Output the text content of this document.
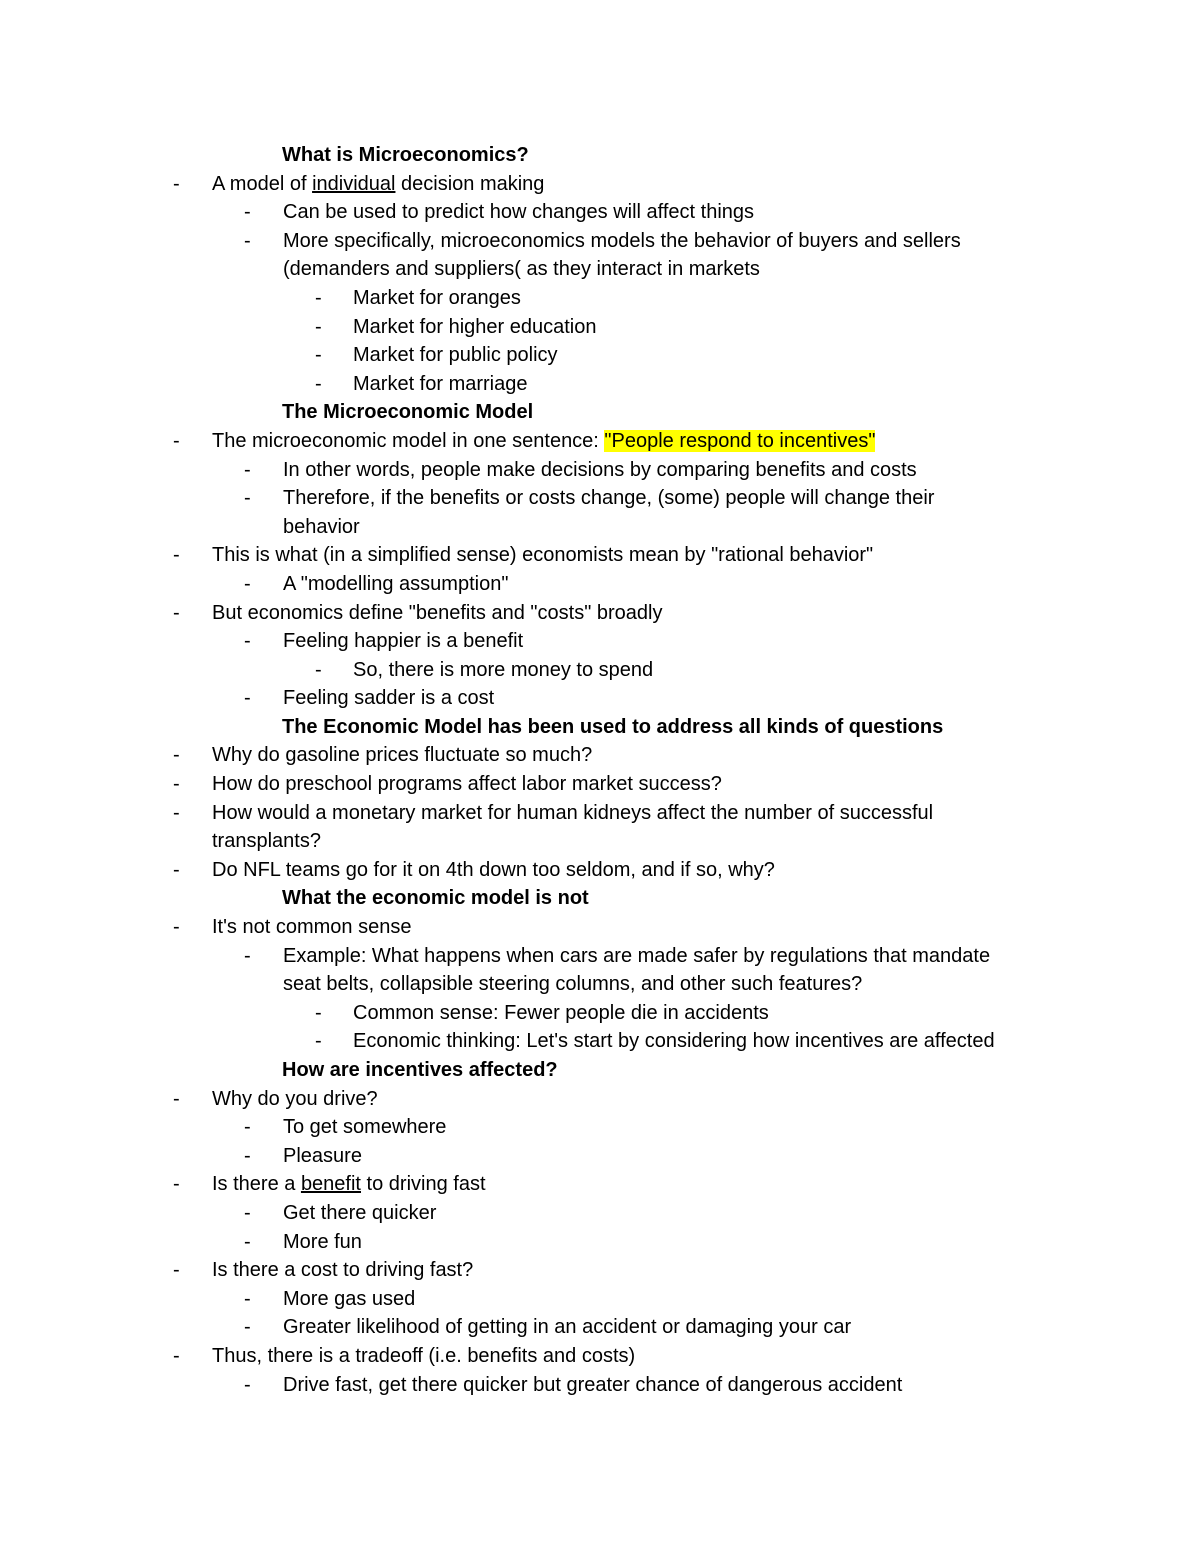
What is Microeconomics?
- A model of individual decision making
- Can be used to predict how changes will affect things
- More specifically, microeconomics models the behavior of buyers and sellers
(demanders and suppliers( as they interact in markets
- Market for oranges
- Market for higher education
- Market for public policy
- Market for marriage
The Microeconomic Model
- The microeconomic model in one sentence: "People respond to incentives"
- In other words, people make decisions by comparing benefits and costs
- Therefore, if the benefits or costs change, (some) people will change their
behavior
- This is what (in a simplified sense) economists mean by "rational behavior"
- A "modelling assumption"
- But economics define "benefits and "costs" broadly
- Feeling happier is a benefit
- So, there is more money to spend
- Feeling sadder is a cost
The Economic Model has been used to address all kinds of questions
- Why do gasoline prices fluctuate so much?
- How do preschool programs affect labor market success?
- How would a monetary market for human kidneys affect the number of successful
transplants?
- Do NFL teams go for it on 4th down too seldom, and if so, why?
What the economic model is not
- It's not common sense
- Example: What happens when cars are made safer by regulations that mandate
seat belts, collapsible steering columns, and other such features?
- Common sense: Fewer people die in accidents
- Economic thinking: Let's start by considering how incentives are affected
How are incentives affected?
- Why do you drive?
- To get somewhere
- Pleasure
- Is there a benefit to driving fast
- Get there quicker
- More fun
- Is there a cost to driving fast?
- More gas used
- Greater likelihood of getting in an accident or damaging your car
- Thus, there is a tradeoff (i.e. benefits and costs)
- Drive fast, get there quicker but greater chance of dangerous accident
